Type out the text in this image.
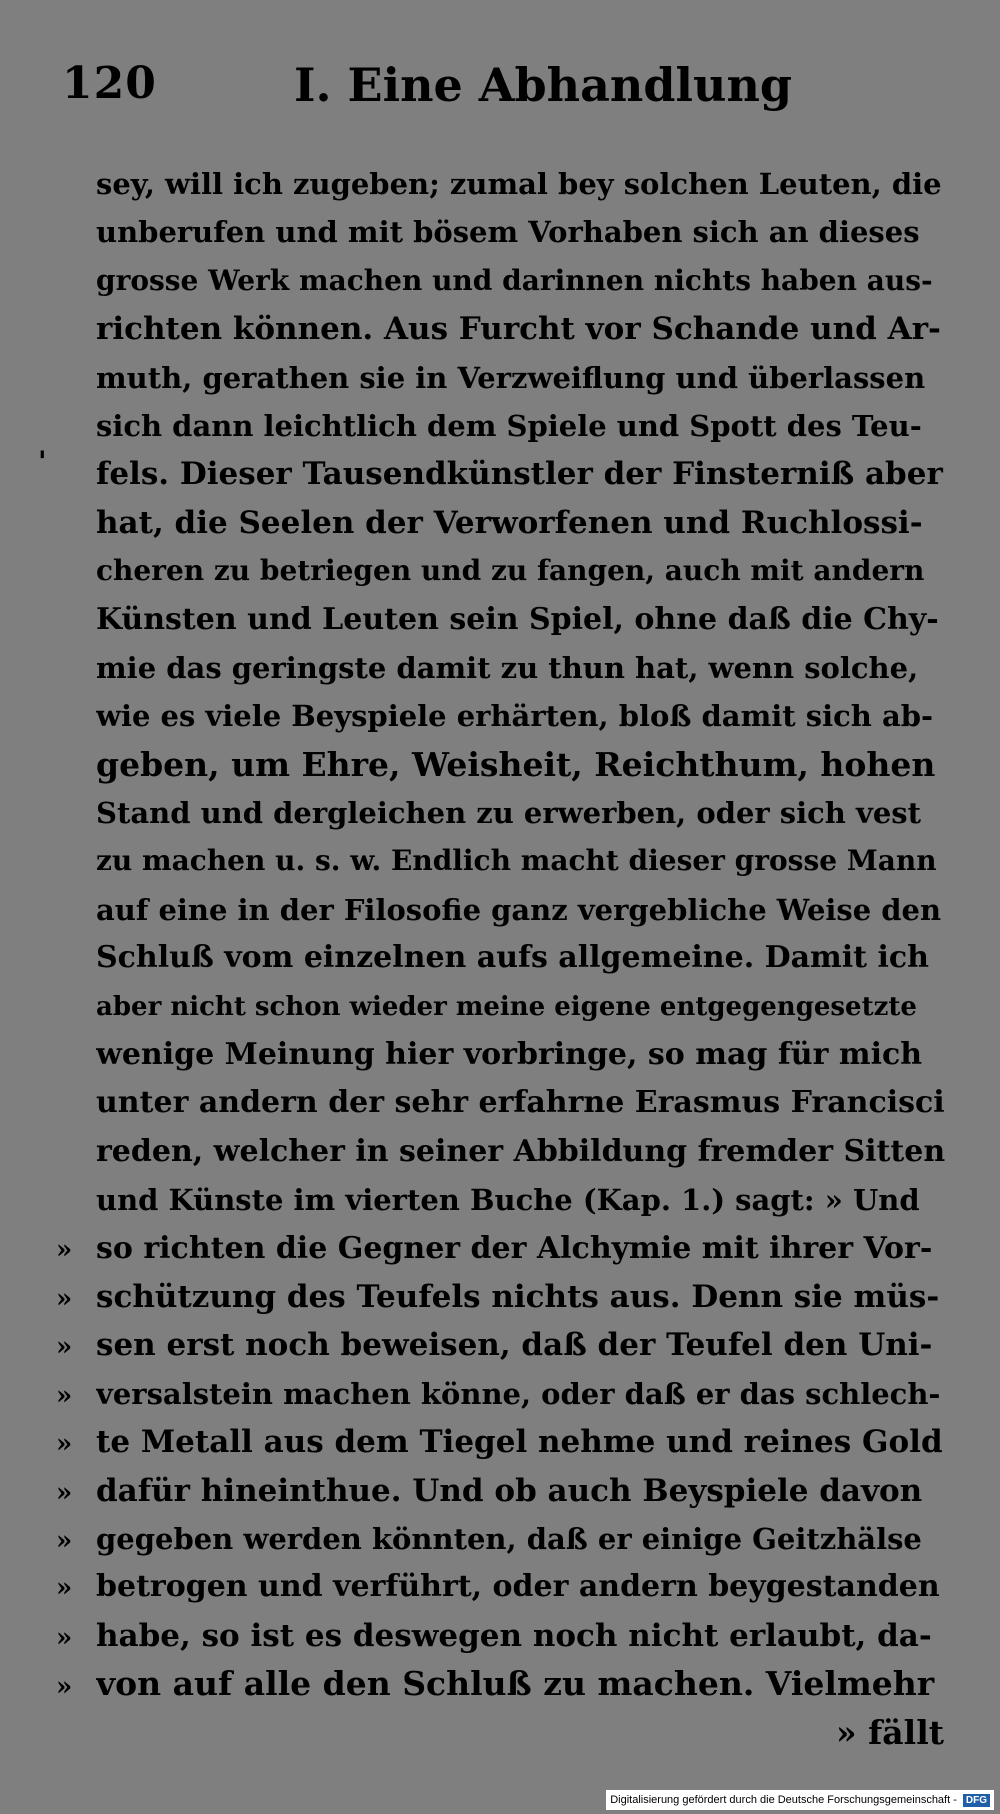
120	I. Eine Abhandlung
'
sey, will ich zugeben; zumal bey solchen Leuten, die
unberufen und mit bösem Vorhaben sich an dieses
grosse Werk machen und darinnen nichts haben aus-
richten können. Aus Furcht vor Schande und Ar-
muth, gerathen sie in Verzweiflung und überlassen
sich dann leichtlich dem Spiele und Spott des Teu-
fels. Dieser Tausendkünstler der Finsterniß aber
hat, die Seelen der Verworfenen und Ruchlossi-
cheren zu betriegen und zu fangen, auch mit andern
Künsten und Leuten sein Spiel, ohne daß die Chy-
mie das geringste damit zu thun hat, wenn solche,
wie es viele Beyspiele erhärten, bloß damit sich ab-
geben, um Ehre, Weisheit, Reichthum, hohen
Stand und dergleichen zu erwerben, oder sich vest
zu machen u. s. w. Endlich macht dieser grosse Mann
auf eine in der Filosofie ganz vergebliche Weise den
Schluß vom einzelnen aufs allgemeine. Damit ich
aber nicht schon wieder meine eigene entgegengesetzte
wenige Meinung hier vorbringe, so mag für mich
unter andern der sehr erfahrne Erasmus Francisci
reden, welcher in seiner Abbildung fremder Sitten
und Künste im vierten Buche (Kap. 1.) sagt: » Und
» so richten die Gegner der Alchymie mit ihrer Vor-
» schützung des Teufels nichts aus. Denn sie müs-
» sen erst noch beweisen, daß der Teufel den Uni-
» versalstein machen könne, oder daß er das schlech-
» te Metall aus dem Tiegel nehme und reines Gold
» dafür hineinthue. Und ob auch Beyspiele davon
» gegeben werden könnten, daß er einige Geitzhälse
» betrogen und verführt, oder andern beygestanden
» habe, so ist es deswegen noch nicht erlaubt, da-
» von auf alle den Schluß zu machen. Vielmehr
» fällt
Digitalisierung gefördert durch die Deutsche Forschungsgemeinschaft - DFG
